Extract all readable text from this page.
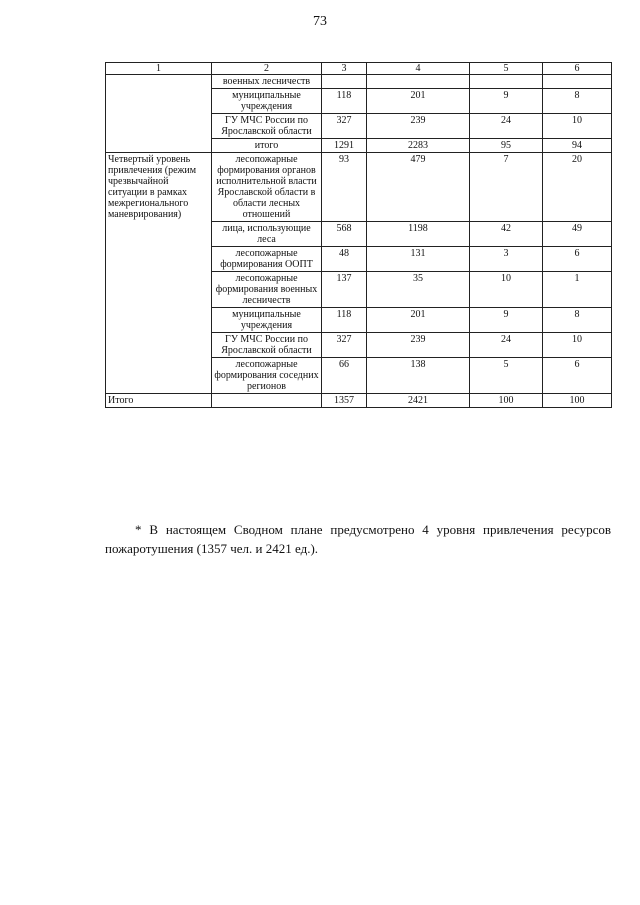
73
1	2	3	4	5	6
	военных лесничеств				
	муниципальные учреждения	118	201	9	8
	ГУ МЧС России по Ярославской области	327	239	24	10
	итого	1291	2283	95	94
Четвертый уровень привлечения (режим чрезвычайной ситуации в рамках межрегионального маневрирования)	лесопожарные формирования органов исполнительной власти Ярославской области в области лесных отношений	93	479	7	20
	лица, использующие леса	568	1198	42	49
	лесопожарные формирования ООПТ	48	131	3	6
	лесопожарные формирования военных лесничеств	137	35	10	1
	муниципальные учреждения	118	201	9	8
	ГУ МЧС России по Ярославской области	327	239	24	10
	лесопожарные формирования соседних регионов	66	138	5	6
Итого		1357	2421	100	100
* В настоящем Сводном плане предусмотрено 4 уровня привлечения ресурсов пожаротушения (1357 чел. и 2421 ед.).
